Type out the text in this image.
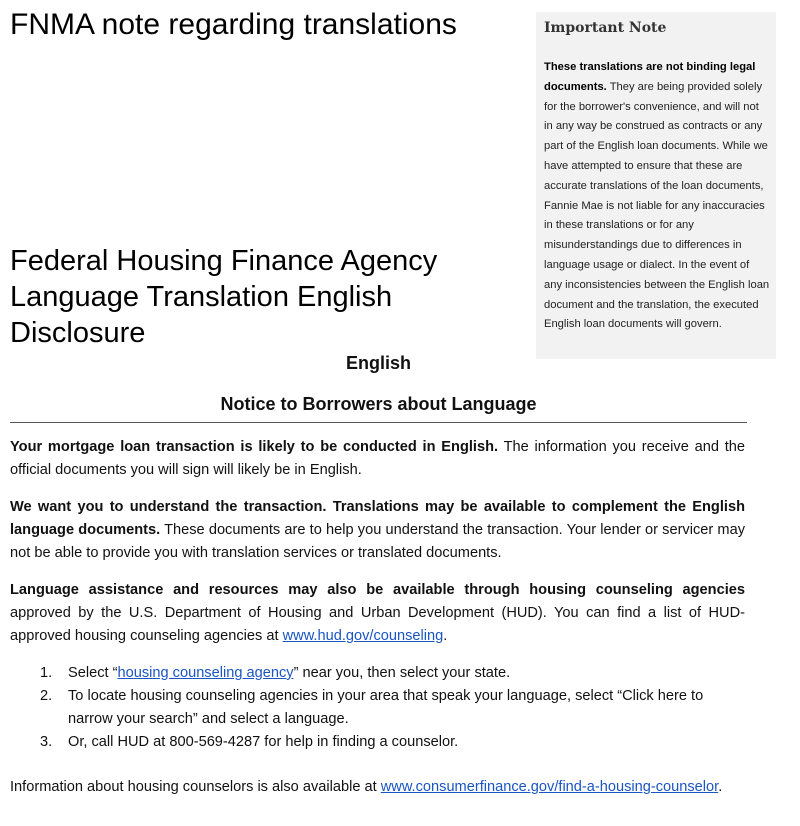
FNMA note regarding translations	Important Note

These translations are not binding legal documents. They are being provided solely for the borrower's convenience, and will not in any way be construed as contracts or any part of the English loan documents. While we have attempted to ensure that these are accurate translations of the loan documents, Fannie Mae is not liable for any inaccuracies in these translations or for any misunderstandings due to differences in language usage or dialect. In the event of any inconsistencies between the English loan document and the translation, the executed English loan documents will govern.

Federal Housing Finance Agency Language Translation English Disclosure
English
Notice to Borrowers about Language

Your mortgage loan transaction is likely to be conducted in English. The information you receive and the official documents you will sign will likely be in English.

We want you to understand the transaction. Translations may be available to complement the English language documents. These documents are to help you understand the transaction. Your lender or servicer may not be able to provide you with translation services or translated documents.

Language assistance and resources may also be available through housing counseling agencies approved by the U.S. Department of Housing and Urban Development (HUD). You can find a list of HUD-approved housing counseling agencies at www.hud.gov/counseling.

1. Select “housing counseling agency” near you, then select your state.
2. To locate housing counseling agencies in your area that speak your language, select “Click here to narrow your search” and select a language.
3. Or, call HUD at 800-569-4287 for help in finding a counselor.

Information about housing counselors is also available at www.consumerfinance.gov/find-a-housing-counselor.
